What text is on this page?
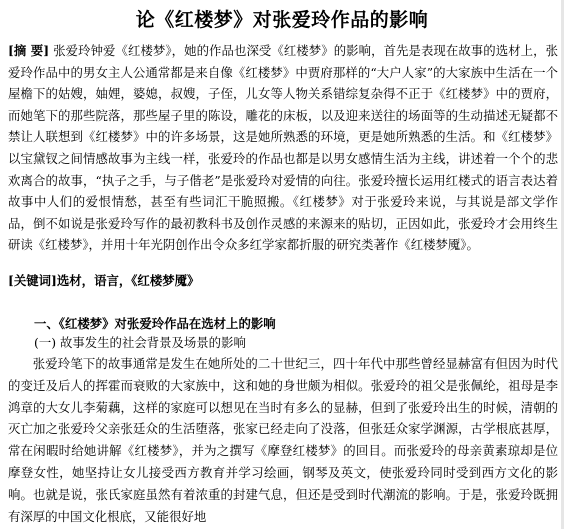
论《红楼梦》对张爱玲作品的影响
[摘 要] 张爱玲钟爱《红楼梦》，她的作品也深受《红楼梦》的影响，首先是表现在故事的选材上，张爱玲作品中的男女主人公通常都是来自像《红楼梦》中贾府那样的“大户人家”的大家族中生活在一个屋檐下的姑嫂，妯娌，婆媳，叔嫂，子侄，儿女等人物关系错综复杂得不正于《红楼梦》中的贾府，而她笔下的那些院落，那些屋子里的陈设，雕花的床板，以及迎来送往的场面等的生动描述无疑都不禁让人联想到《红楼梦》中的许多场景，这是她所熟悉的环境，更是她所熟悉的生活。和《红楼梦》以宝黛钗之间情感故事为主线一样，张爱玲的作品也都是以男女感情生活为主线，讲述着一个个的悲欢离合的故事，“执子之手，与子偕老”是张爱玲对爱情的向往。张爱玲擅长运用红楼式的语言表达着故事中人们的爱恨情愁，甚至有些词汇干脆照搬。《红楼梦》对于张爱玲来说，与其说是部文学作品，倒不如说是张爱玲写作的最初教科书及创作灵感的来源来的贴切，正因如此，张爱玲才会用终生研读《红楼梦》，并用十年光阴创作出令众多红学家都折服的研究类著作《红楼梦魇》。
[关键词]选材，语言，《红楼梦魇》
一、《红楼梦》对张爱玲作品在选材上的影响
(一) 故事发生的社会背景及场景的影响
张爱玲笔下的故事通常是发生在她所处的二十世纪三，四十年代中那些曾经显赫富有但因为时代的变迁及后人的挥霍而衰败的大家族中，这和她的身世颇为相似。张爱玲的祖父是张佩纶，祖母是李鸿章的大女儿李菊藕，这样的家庭可以想见在当时有多么的显赫，但到了张爱玲出生的时候，清朝的灭亡加之张爱玲父亲张廷众的生活堕落，张家已经走向了没落，但张廷众家学渊源，古学根底甚厚，常在闲暇时给她讲解《红楼梦》，并为之撰写《摩登红楼梦》的回目。而张爱玲的母亲黄素琼却是位摩登女性，她坚持让女儿接受西方教育并学习绘画，钢琴及英文，使张爱玲同时受到西方文化的影响。也就是说，张氏家庭虽然有着浓重的封建气息，但还是受到时代潮流的影响。于是，张爱玲既拥有深厚的中国文化根底，又能很好地
